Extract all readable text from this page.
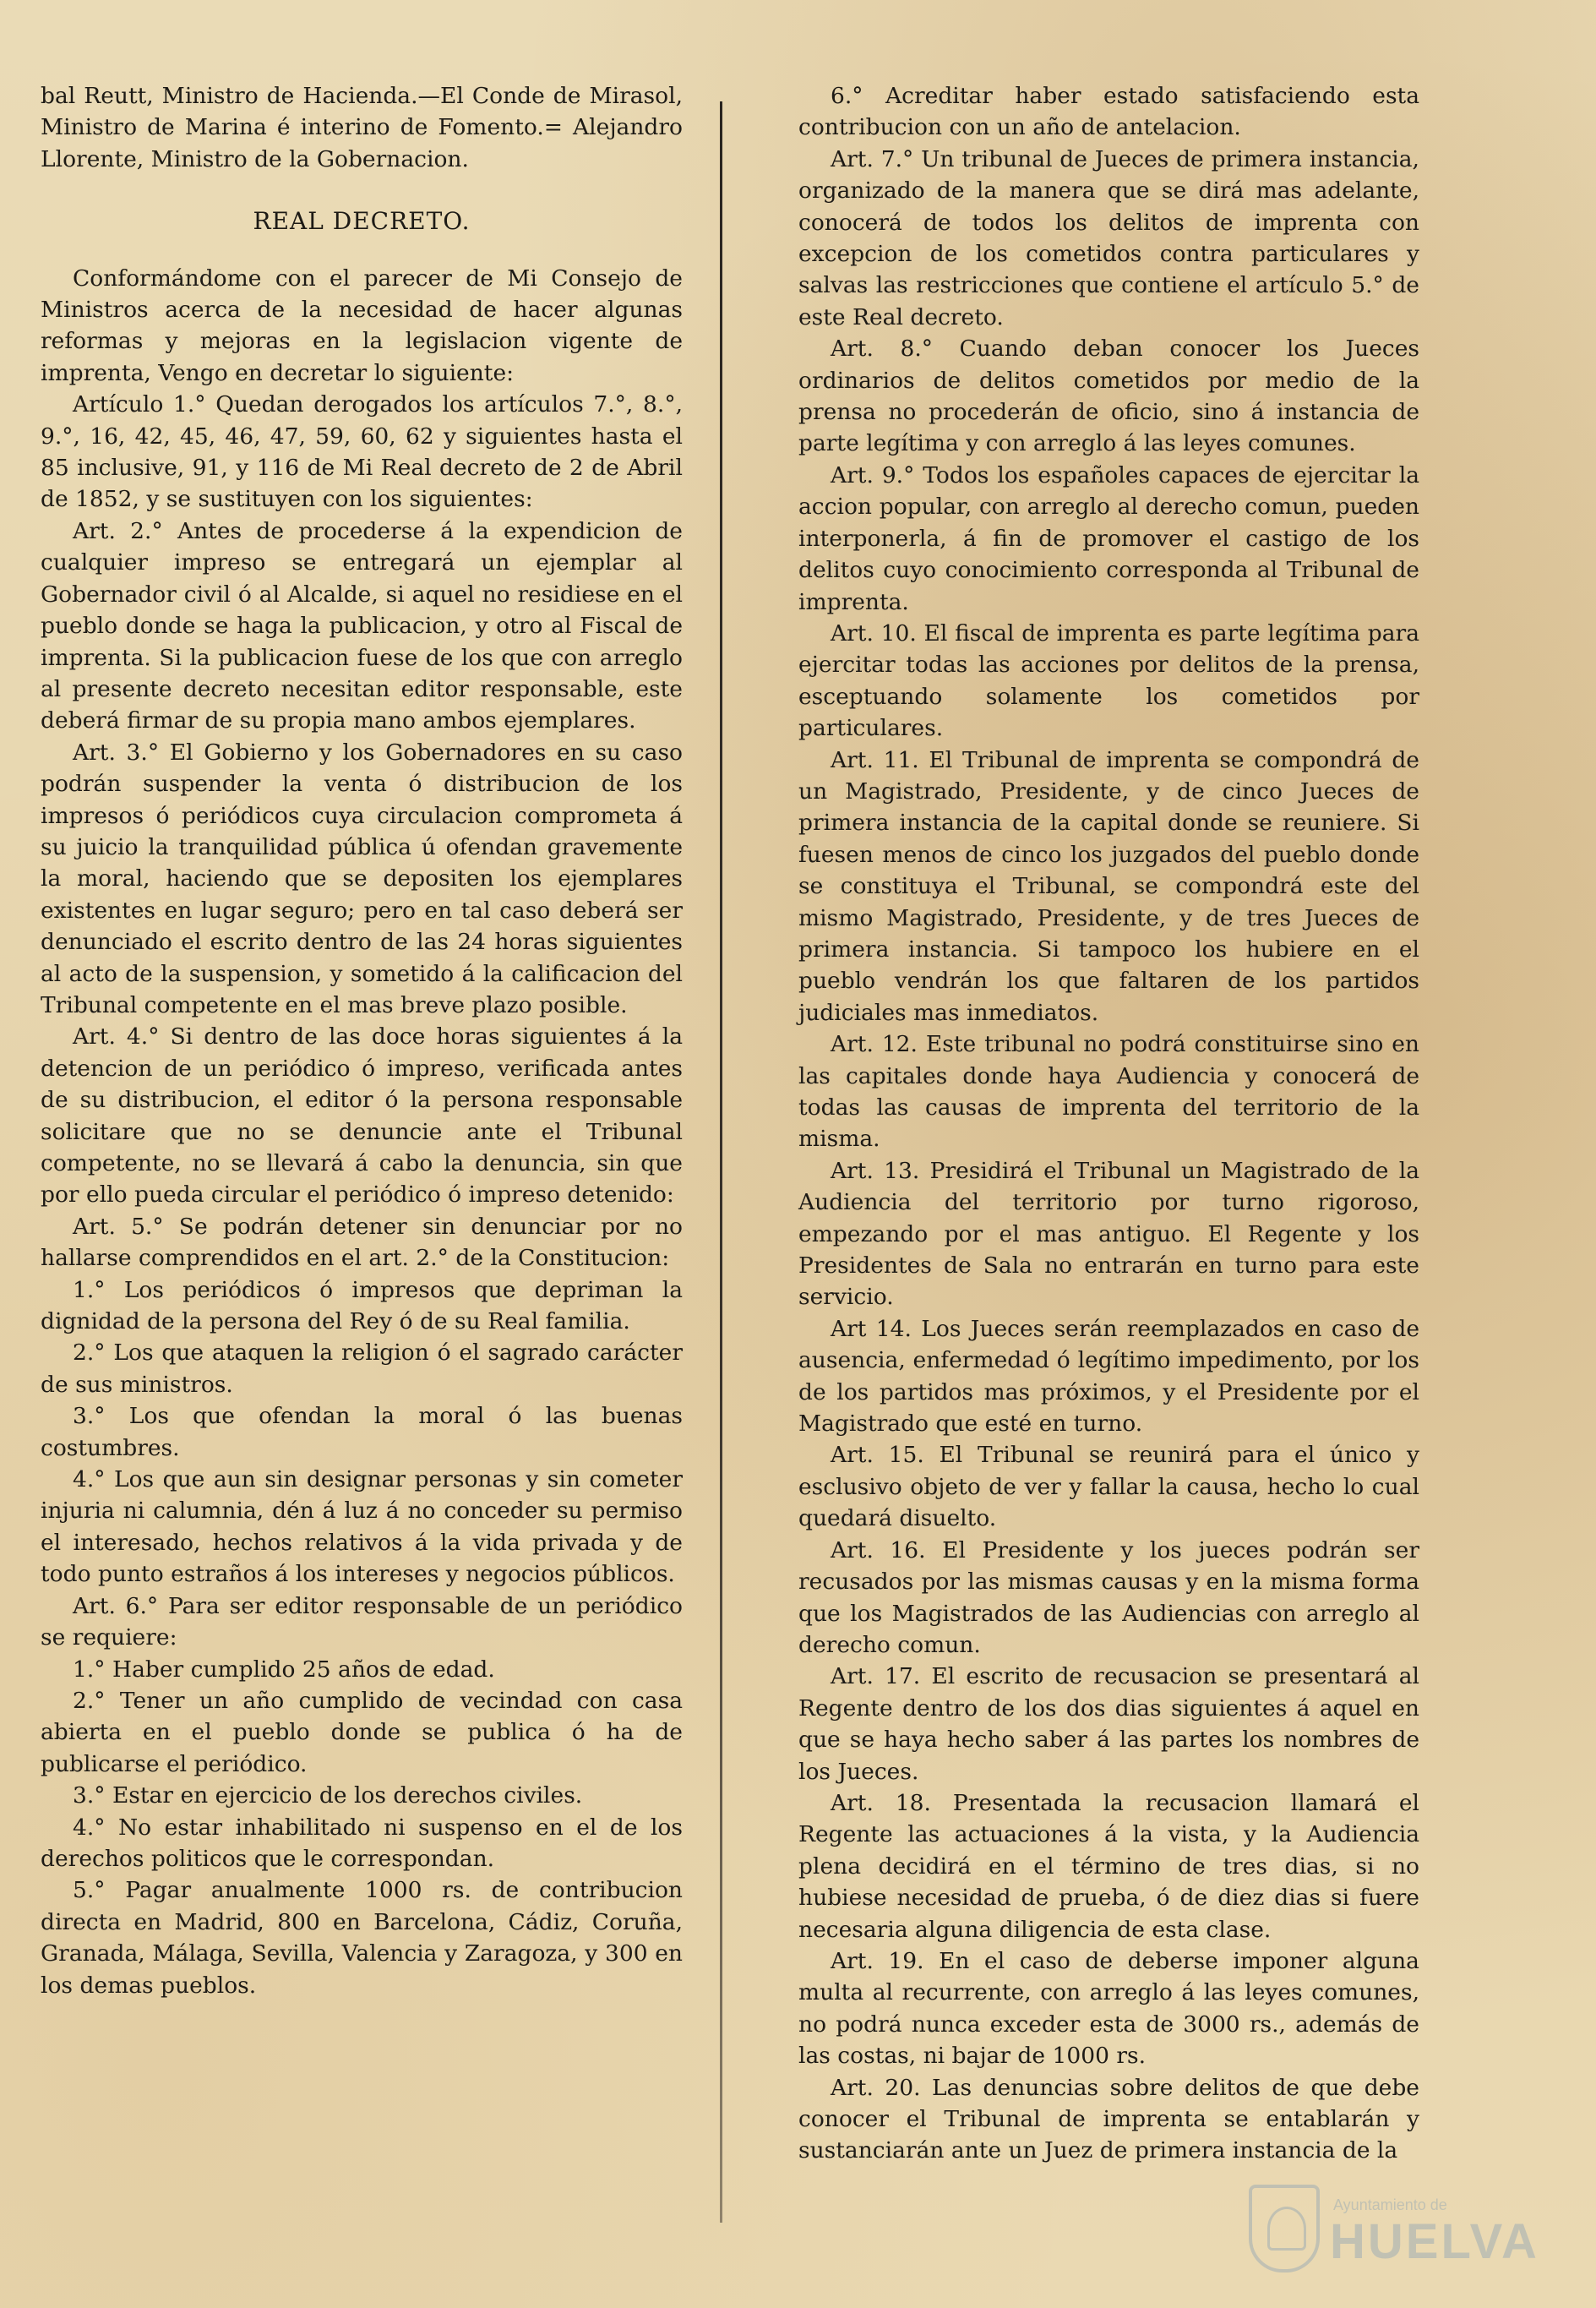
bal Reutt, Ministro de Hacienda.—El Conde de Mirasol, Ministro de Marina é interino de Fomento.= Alejandro Llorente, Ministro de la Gobernacion.

REAL DECRETO.

Conformándome con el parecer de Mi Consejo de Ministros acerca de la necesidad de hacer algunas reformas y mejoras en la legislacion vigente de imprenta, Vengo en decretar lo siguiente:

Artículo 1.° Quedan derogados los artículos 7.°, 8.°, 9.°, 16, 42, 45, 46, 47, 59, 60, 62 y siguientes hasta el 85 inclusive, 91, y 116 de Mi Real decreto de 2 de Abril de 1852, y se sustituyen con los siguientes:

Art. 2.° Antes de procederse á la expendicion de cualquier impreso se entregará un ejemplar al Gobernador civil ó al Alcalde, si aquel no residiese en el pueblo donde se haga la publicacion, y otro al Fiscal de imprenta. Si la publicacion fuese de los que con arreglo al presente decreto necesitan editor responsable, este deberá firmar de su propia mano ambos ejemplares.

Art. 3.° El Gobierno y los Gobernadores en su caso podrán suspender la venta ó distribucion de los impresos ó periódicos cuya circulacion comprometa á su juicio la tranquilidad pública ú ofendan gravemente la moral, haciendo que se depositen los ejemplares existentes en lugar seguro; pero en tal caso deberá ser denunciado el escrito dentro de las 24 horas siguientes al acto de la suspension, y sometido á la calificacion del Tribunal competente en el mas breve plazo posible.

Art. 4.° Si dentro de las doce horas siguientes á la detencion de un periódico ó impreso, verificada antes de su distribucion, el editor ó la persona responsable solicitare que no se denuncie ante el Tribunal competente, no se llevará á cabo la denuncia, sin que por ello pueda circular el periódico ó impreso detenido:

Art. 5.° Se podrán detener sin denunciar por no hallarse comprendidos en el art. 2.° de la Constitucion:

1.° Los periódicos ó impresos que depriman la dignidad de la persona del Rey ó de su Real familia.

2.° Los que ataquen la religion ó el sagrado carácter de sus ministros.

3.° Los que ofendan la moral ó las buenas costumbres.

4.° Los que aun sin designar personas y sin cometer injuria ni calumnia, dén á luz á no conceder su permiso el interesado, hechos relativos á la vida privada y de todo punto estraños á los intereses y negocios públicos.

Art. 6.° Para ser editor responsable de un periódico se requiere:

1.° Haber cumplido 25 años de edad.

2.° Tener un año cumplido de vecindad con casa abierta en el pueblo donde se publica ó ha de publicarse el periódico.

3.° Estar en ejercicio de los derechos civiles.

4.° No estar inhabilitado ni suspenso en el de los derechos politicos que le correspondan.

5.° Pagar anualmente 1000 rs. de contribucion directa en Madrid, 800 en Barcelona, Cádiz, Coruña, Granada, Málaga, Sevilla, Valencia y Zaragoza, y 300 en los demas pueblos.

6.° Acreditar haber estado satisfaciendo esta contribucion con un año de antelacion.

Art. 7.° Un tribunal de Jueces de primera instancia, organizado de la manera que se dirá mas adelante, conocerá de todos los delitos de imprenta con excepcion de los cometidos contra particulares y salvas las restricciones que contiene el artículo 5.° de este Real decreto.

Art. 8.° Cuando deban conocer los Jueces ordinarios de delitos cometidos por medio de la prensa no procederán de oficio, sino á instancia de parte legítima y con arreglo á las leyes comunes.

Art. 9.° Todos los españoles capaces de ejercitar la accion popular, con arreglo al derecho comun, pueden interponerla, á fin de promover el castigo de los delitos cuyo conocimiento corresponda al Tribunal de imprenta.

Art. 10. El fiscal de imprenta es parte legítima para ejercitar todas las acciones por delitos de la prensa, esceptuando solamente los cometidos por particulares.

Art. 11. El Tribunal de imprenta se compondrá de un Magistrado, Presidente, y de cinco Jueces de primera instancia de la capital donde se reuniere. Si fuesen menos de cinco los juzgados del pueblo donde se constituya el Tribunal, se compondrá este del mismo Magistrado, Presidente, y de tres Jueces de primera instancia. Si tampoco los hubiere en el pueblo vendrán los que faltaren de los partidos judiciales mas inmediatos.

Art. 12. Este tribunal no podrá constituirse sino en las capitales donde haya Audiencia y conocerá de todas las causas de imprenta del territorio de la misma.

Art. 13. Presidirá el Tribunal un Magistrado de la Audiencia del territorio por turno rigoroso, empezando por el mas antiguo. El Regente y los Presidentes de Sala no entrarán en turno para este servicio.

Art 14. Los Jueces serán reemplazados en caso de ausencia, enfermedad ó legítimo impedimento, por los de los partidos mas próximos, y el Presidente por el Magistrado que esté en turno.

Art. 15. El Tribunal se reunirá para el único y esclusivo objeto de ver y fallar la causa, hecho lo cual quedará disuelto.

Art. 16. El Presidente y los jueces podrán ser recusados por las mismas causas y en la misma forma que los Magistrados de las Audiencias con arreglo al derecho comun.

Art. 17. El escrito de recusacion se presentará al Regente dentro de los dos dias siguientes á aquel en que se haya hecho saber á las partes los nombres de los Jueces.

Art. 18. Presentada la recusacion llamará el Regente las actuaciones á la vista, y la Audiencia plena decidirá en el término de tres dias, si no hubiese necesidad de prueba, ó de diez dias si fuere necesaria alguna diligencia de esta clase.

Art. 19. En el caso de deberse imponer alguna multa al recurrente, con arreglo á las leyes comunes, no podrá nunca exceder esta de 3000 rs., además de las costas, ni bajar de 1000 rs.

Art. 20. Las denuncias sobre delitos de que debe conocer el Tribunal de imprenta se entablarán y sustanciarán ante un Juez de primera instancia de la

Ayuntamiento de
HUELVA
